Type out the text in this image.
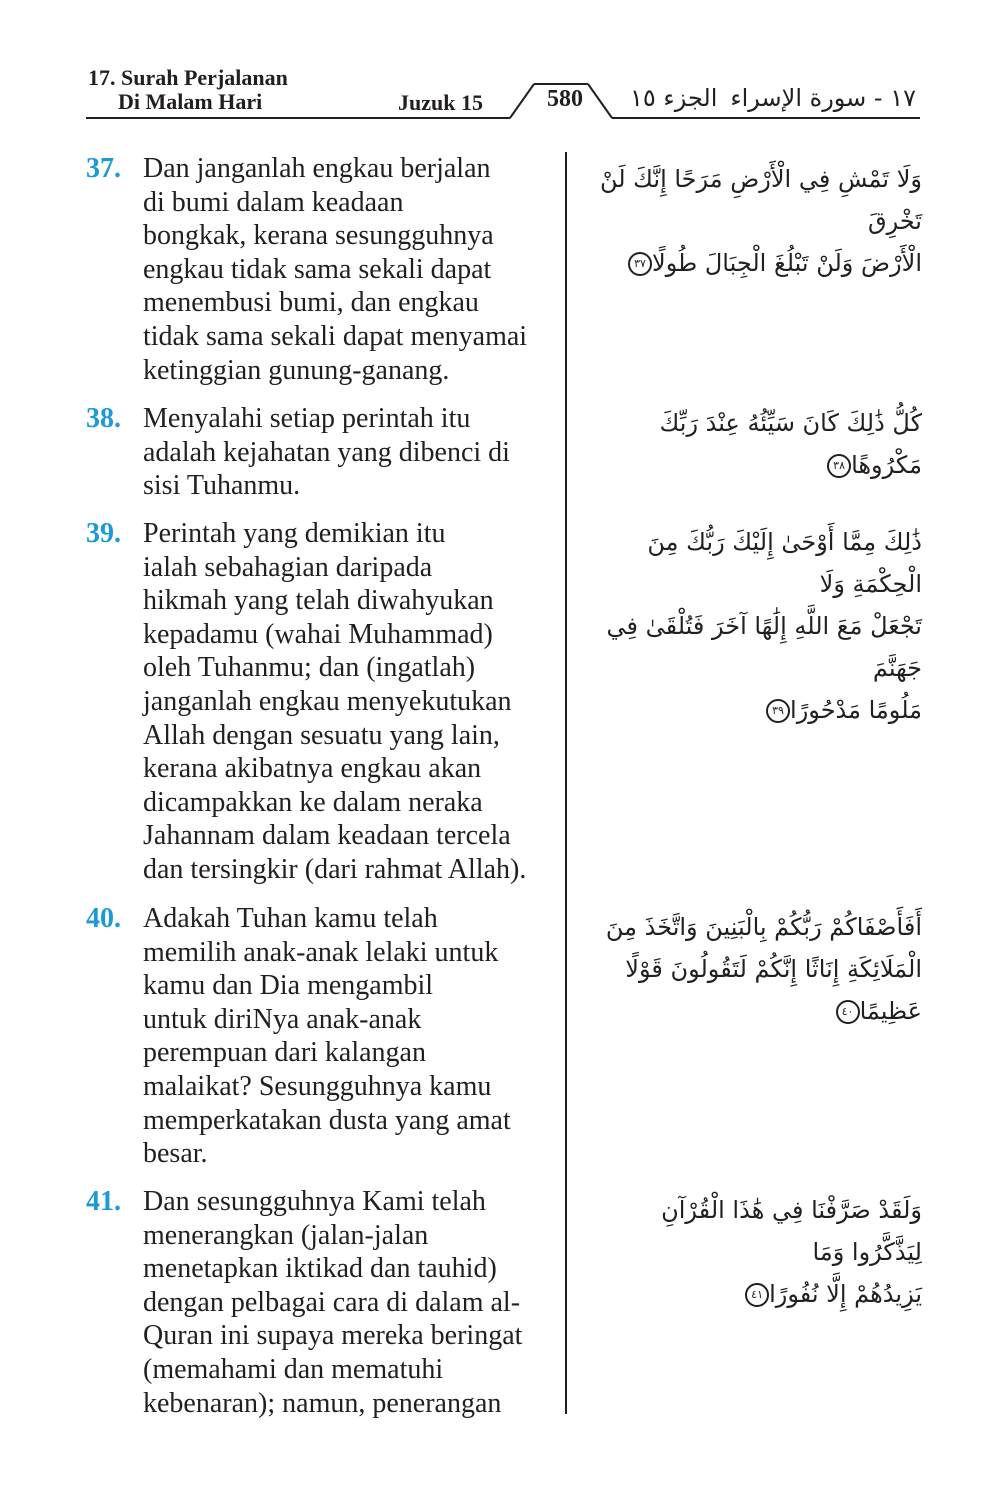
17. Surah Perjalanan
Di Malam Hari	Juzuk 15	580	الجزء ١٥ ١٧ - سورة الإسراء
37. Dan janganlah engkau berjalan
di bumi dalam keadaan
bongkak, kerana sesungguhnya
engkau tidak sama sekali dapat
menembusi bumi, dan engkau
tidak sama sekali dapat menyamai
ketinggian gunung-ganang.
وَلَا تَمْشِ فِي الْأَرْضِ مَرَحًا إِنَّكَ لَنْ تَخْرِقَ
الْأَرْضَ وَلَنْ تَبْلُغَ الْجِبَالَ طُولًا٣٧
38. Menyalahi setiap perintah itu
adalah kejahatan yang dibenci di
sisi Tuhanmu.
كُلُّ ذَٰلِكَ كَانَ سَيِّئُهُ عِنْدَ رَبِّكَ مَكْرُوهًا٣٨
39. Perintah yang demikian itu
ialah sebahagian daripada
hikmah yang telah diwahyukan
kepadamu (wahai Muhammad)
oleh Tuhanmu; dan (ingatlah)
janganlah engkau menyekutukan
Allah dengan sesuatu yang lain,
kerana akibatnya engkau akan
dicampakkan ke dalam neraka
Jahannam dalam keadaan tercela
dan tersingkir (dari rahmat Allah).
ذَٰلِكَ مِمَّا أَوْحَىٰ إِلَيْكَ رَبُّكَ مِنَ الْحِكْمَةِ وَلَا
تَجْعَلْ مَعَ اللَّهِ إِلَٰهًا آخَرَ فَتُلْقَىٰ فِي جَهَنَّمَ
مَلُومًا مَدْحُورًا٣٩
40. Adakah Tuhan kamu telah
memilih anak-anak lelaki untuk
kamu dan Dia mengambil
untuk diriNya anak-anak
perempuan dari kalangan
malaikat? Sesungguhnya kamu
memperkatakan dusta yang amat
besar.
أَفَأَصْفَاكُمْ رَبُّكُمْ بِالْبَنِينَ وَاتَّخَذَ مِنَ
الْمَلَائِكَةِ إِنَاثًا إِنَّكُمْ لَتَقُولُونَ قَوْلًا عَظِيمًا٤٠
41. Dan sesungguhnya Kami telah
menerangkan (jalan-jalan
menetapkan iktikad dan tauhid)
dengan pelbagai cara di dalam al-
Quran ini supaya mereka beringat
(memahami dan mematuhi
kebenaran); namun, penerangan
وَلَقَدْ صَرَّفْنَا فِي هَٰذَا الْقُرْآنِ لِيَذَّكَّرُوا وَمَا
يَزِيدُهُمْ إِلَّا نُفُورًا٤١
